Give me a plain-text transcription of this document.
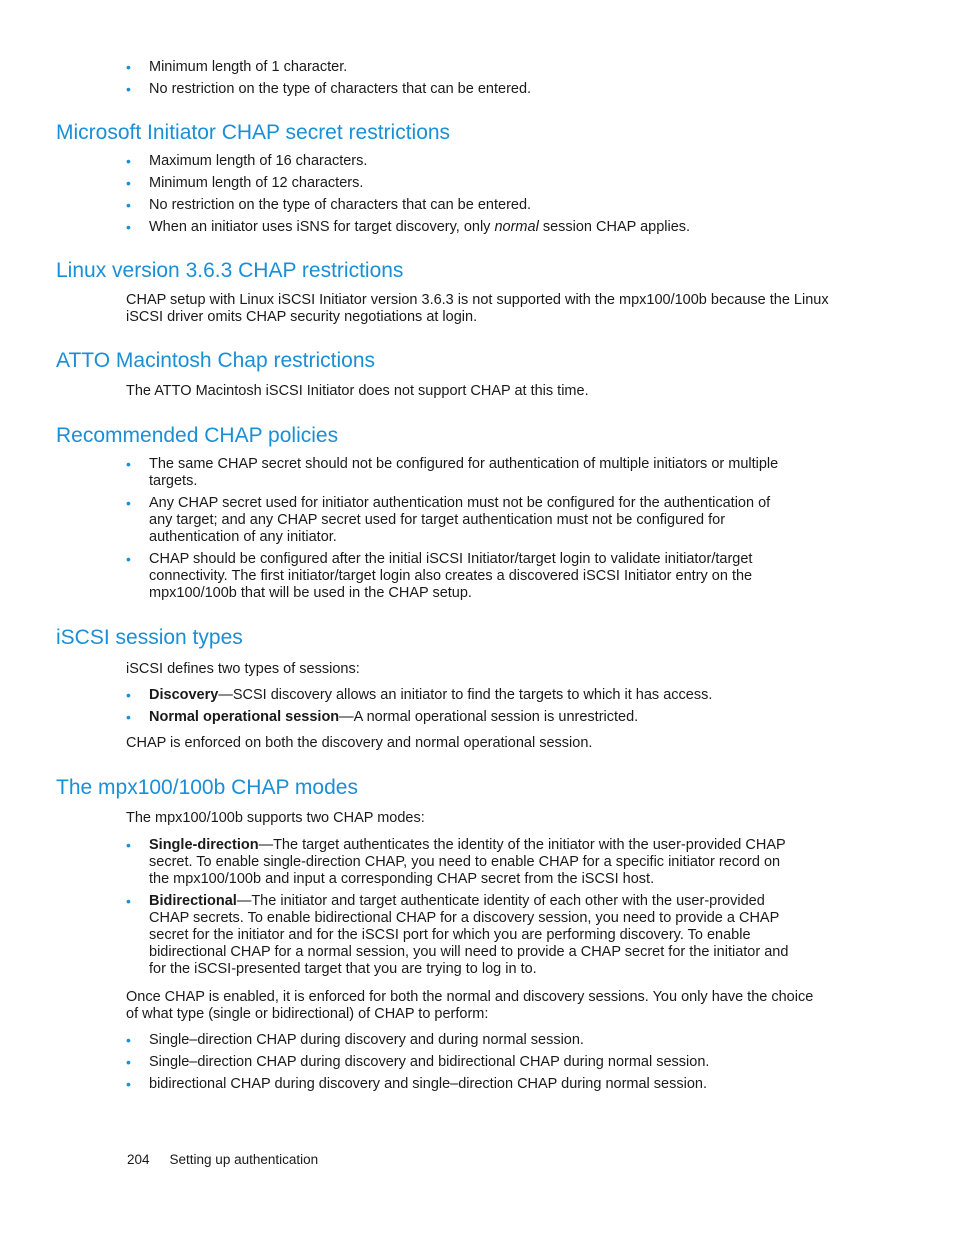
• Minimum length of 1 character.
• No restriction on the type of characters that can be entered.
Microsoft Initiator CHAP secret restrictions
• Maximum length of 16 characters.
• Minimum length of 12 characters.
• No restriction on the type of characters that can be entered.
• When an initiator uses iSNS for target discovery, only normal session CHAP applies.
Linux version 3.6.3 CHAP restrictions

CHAP setup with Linux iSCSI Initiator version 3.6.3 is not supported with the mpx100/100b because the Linux iSCSI driver omits CHAP security negotiations at login.

ATTO Macintosh Chap restrictions

The ATTO Macintosh iSCSI Initiator does not support CHAP at this time.

Recommended CHAP policies
• The same CHAP secret should not be configured for authentication of multiple initiators or multiple targets.
• Any CHAP secret used for initiator authentication must not be configured for the authentication of any target; and any CHAP secret used for target authentication must not be configured for authentication of any initiator.
• CHAP should be configured after the initial iSCSI Initiator/target login to validate initiator/target connectivity. The first initiator/target login also creates a discovered iSCSI Initiator entry on the mpx100/100b that will be used in the CHAP setup.
iSCSI session types

iSCSI defines two types of sessions:

• Discovery—SCSI discovery allows an initiator to find the targets to which it has access.
• Normal operational session—A normal operational session is unrestricted.

CHAP is enforced on both the discovery and normal operational session.

The mpx100/100b CHAP modes

The mpx100/100b supports two CHAP modes:

• Single-direction—The target authenticates the identity of the initiator with the user-provided CHAP secret. To enable single-direction CHAP, you need to enable CHAP for a specific initiator record on the mpx100/100b and input a corresponding CHAP secret from the iSCSI host.
• Bidirectional—The initiator and target authenticate identity of each other with the user-provided CHAP secrets. To enable bidirectional CHAP for a discovery session, you need to provide a CHAP secret for the initiator and for the iSCSI port for which you are performing discovery. To enable bidirectional CHAP for a normal session, you will need to provide a CHAP secret for the initiator and for the iSCSI-presented target that you are trying to log in to.

Once CHAP is enabled, it is enforced for both the normal and discovery sessions. You only have the choice of what type (single or bidirectional) of CHAP to perform:

• Single–direction CHAP during discovery and during normal session.
• Single–direction CHAP during discovery and bidirectional CHAP during normal session.
• bidirectional CHAP during discovery and single–direction CHAP during normal session.
204 Setting up authentication
